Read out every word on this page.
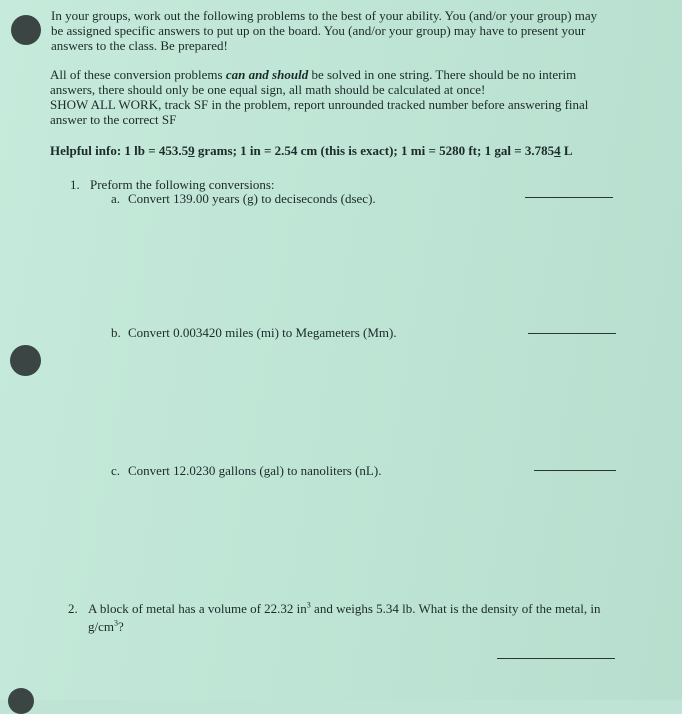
In your groups, work out the following problems to the best of your ability. You (and/or your group) may
be assigned specific answers to put up on the board. You (and/or your group) may have to present your
answers to the class. Be prepared!
All of these conversion problems can and should be solved in one string. There should be no interim
answers, there should only be one equal sign, all math should be calculated at once!
SHOW ALL WORK, track SF in the problem, report unrounded tracked number before answering final
answer to the correct SF
Helpful info: 1 lb = 453.59 grams; 1 in = 2.54 cm (this is exact); 1 mi = 5280 ft; 1 gal = 3.7854 L
1. Preform the following conversions:
a. Convert 139.00 years (g) to deciseconds (dsec).
b. Convert 0.003420 miles (mi) to Megameters (Mm).
c. Convert 12.0230 gallons (gal) to nanoliters (nL).
2. A block of metal has a volume of 22.32 $in^3$ and weighs 5.34 lb. What is the density of the metal, in
$g/cm^3$?
